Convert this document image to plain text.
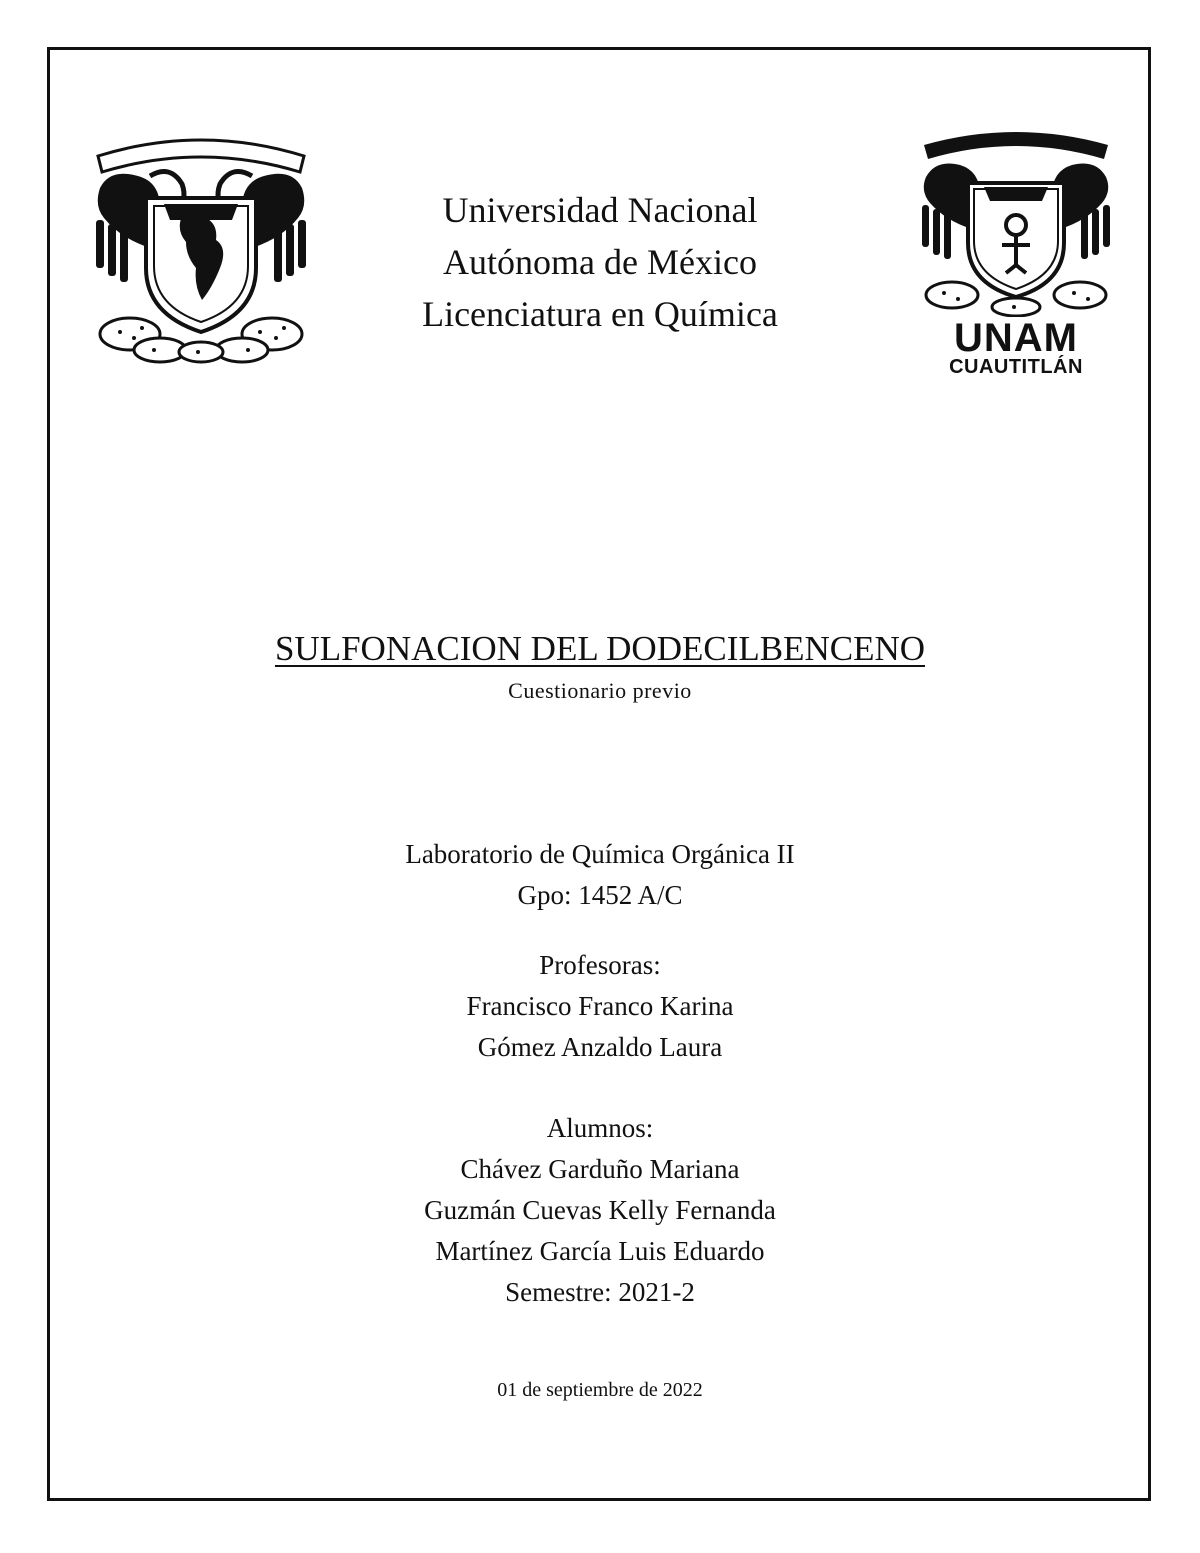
UNAM
CUAUTITLÁN
Universidad Nacional
Autónoma de México
Licenciatura en Química
SULFONACION DEL DODECILBENCENO
Cuestionario previo
Laboratorio de Química Orgánica II
Gpo: 1452 A/C
Profesoras:
Francisco Franco Karina
Gómez Anzaldo Laura
Alumnos:
Chávez Garduño Mariana
Guzmán Cuevas Kelly Fernanda
Martínez García Luis Eduardo
Semestre: 2021-2
01 de septiembre de 2022
